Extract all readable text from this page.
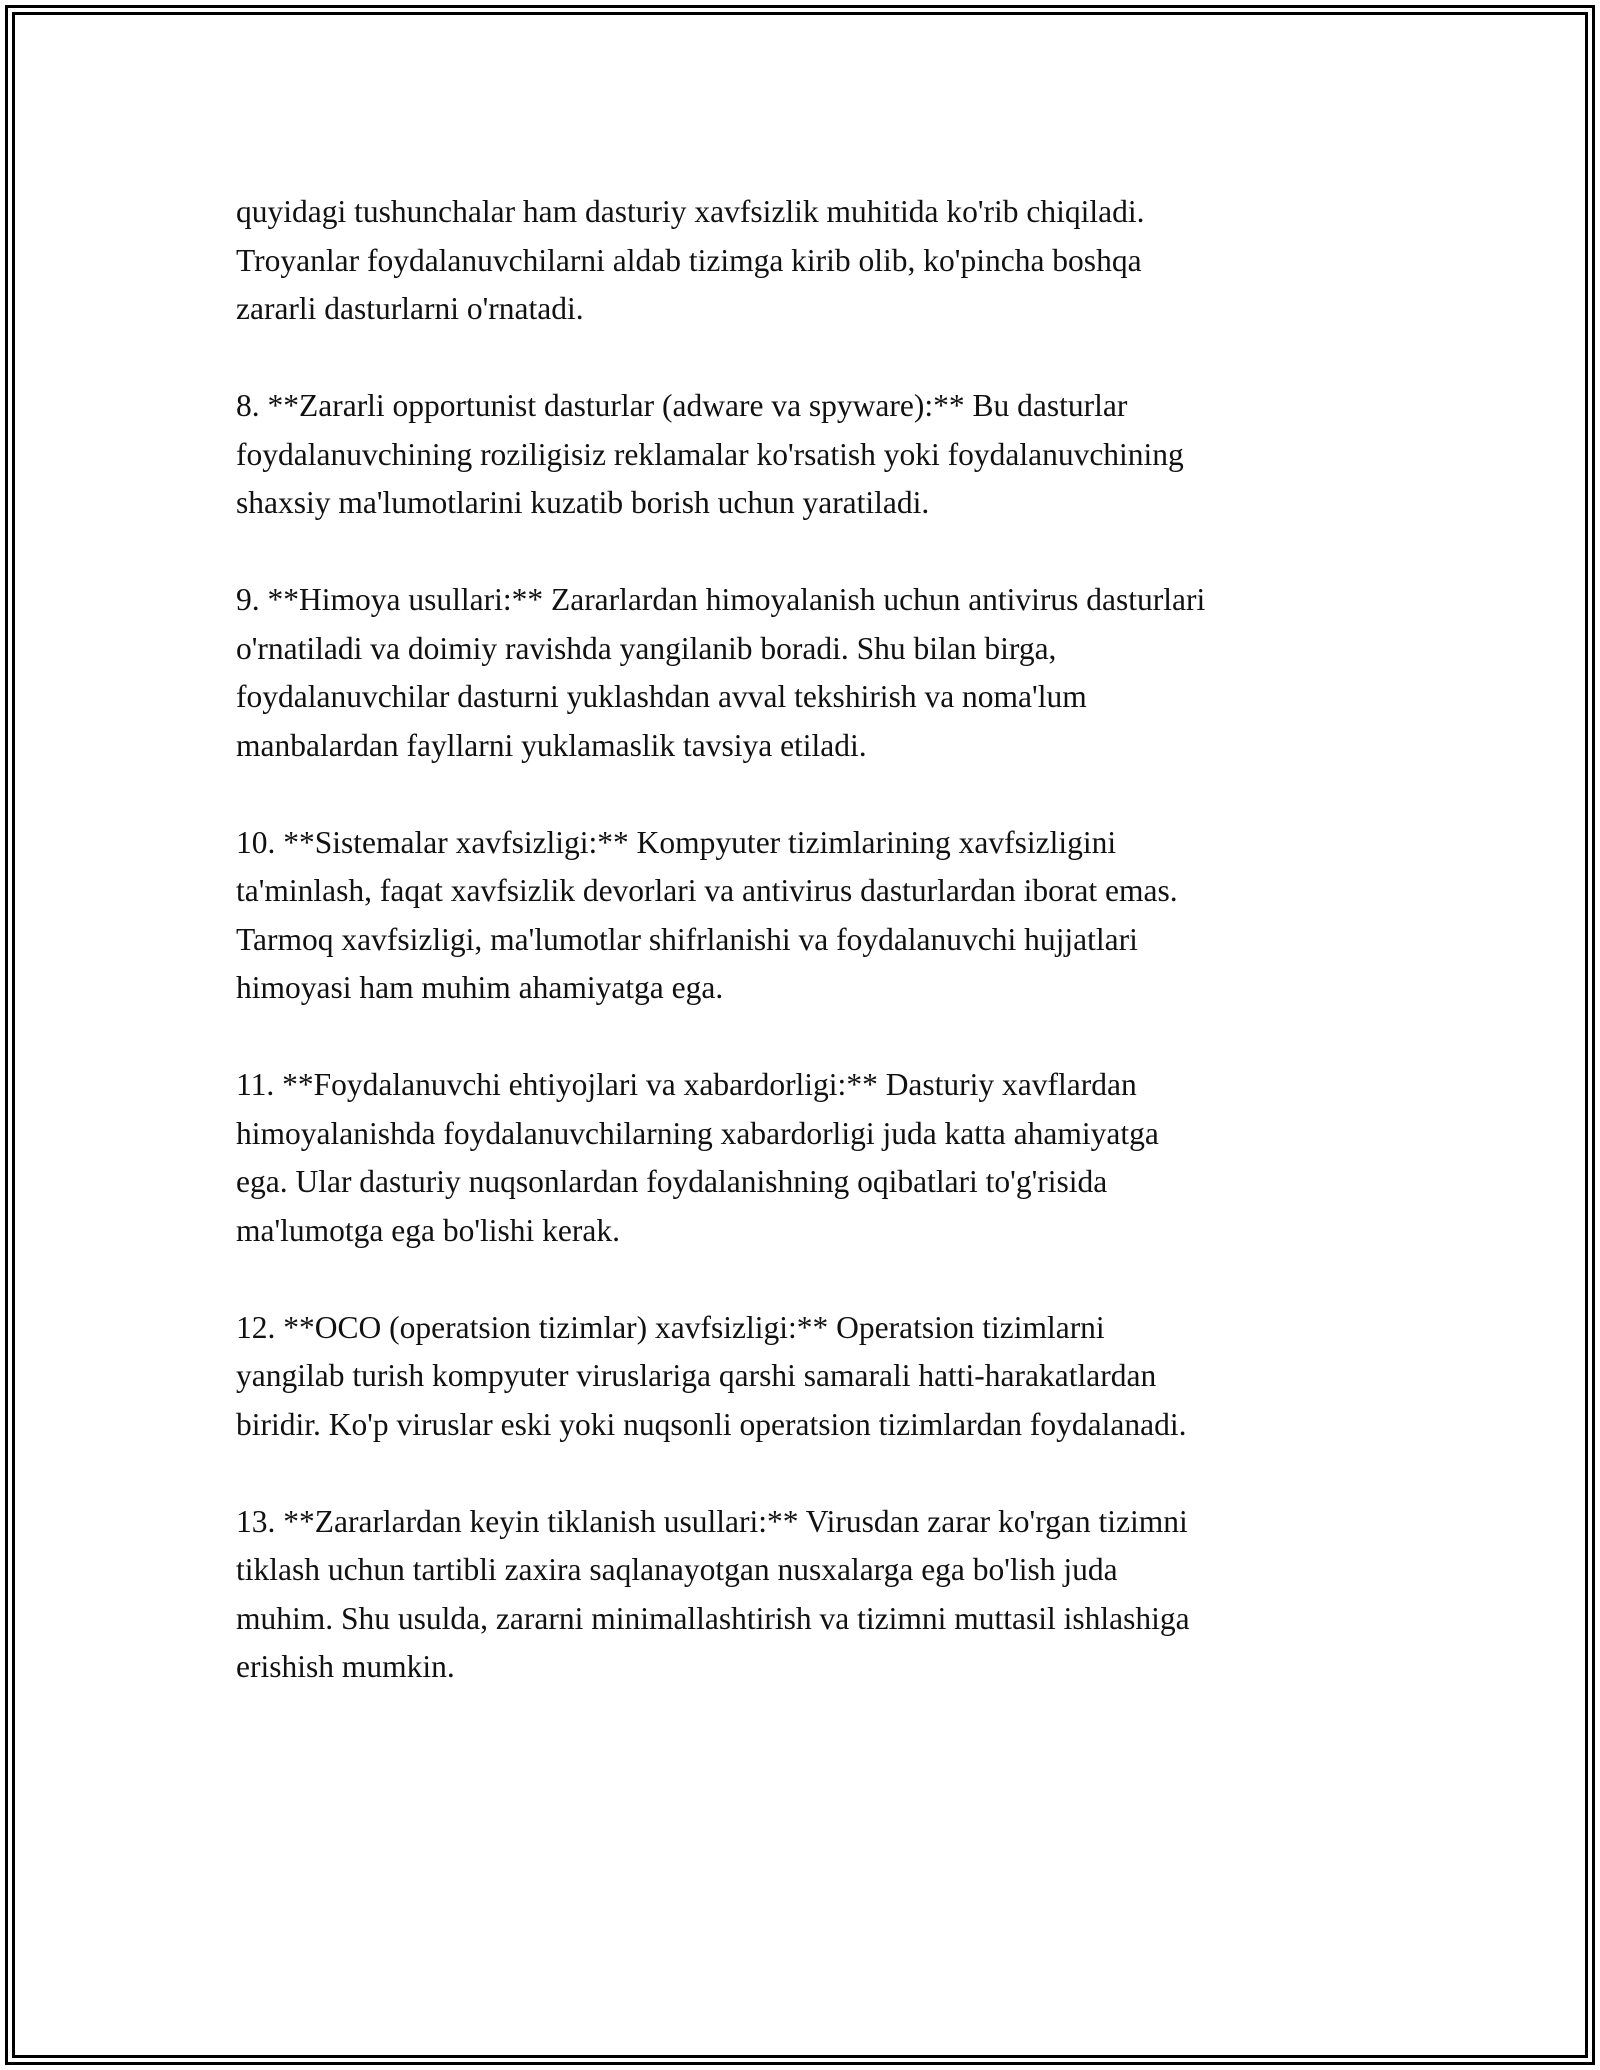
quyidagi tushunchalar ham dasturiy xavfsizlik muhitida ko'rib chiqiladi.
Troyanlar foydalanuvchilarni aldab tizimga kirib olib, ko'pincha boshqa
zararli dasturlarni o'rnatadi.

8. **Zararli opportunist dasturlar (adware va spyware):** Bu dasturlar
foydalanuvchining roziligisiz reklamalar ko'rsatish yoki foydalanuvchining
shaxsiy ma'lumotlarini kuzatib borish uchun yaratiladi.

9. **Himoya usullari:** Zararlardan himoyalanish uchun antivirus dasturlari
o'rnatiladi va doimiy ravishda yangilanib boradi. Shu bilan birga,
foydalanuvchilar dasturni yuklashdan avval tekshirish va noma'lum
manbalardan fayllarni yuklamaslik tavsiya etiladi.

10. **Sistemalar xavfsizligi:** Kompyuter tizimlarining xavfsizligini
ta'minlash, faqat xavfsizlik devorlari va antivirus dasturlardan iborat emas.
Tarmoq xavfsizligi, ma'lumotlar shifrlanishi va foydalanuvchi hujjatlari
himoyasi ham muhim ahamiyatga ega.

11. **Foydalanuvchi ehtiyojlari va xabardorligi:** Dasturiy xavflardan
himoyalanishda foydalanuvchilarning xabardorligi juda katta ahamiyatga
ega. Ular dasturiy nuqsonlardan foydalanishning oqibatlari to'g'risida
ma'lumotga ega bo'lishi kerak.

12. **OCO (operatsion tizimlar) xavfsizligi:** Operatsion tizimlarni
yangilab turish kompyuter viruslariga qarshi samarali hatti-harakatlardan
biridir. Ko'p viruslar eski yoki nuqsonli operatsion tizimlardan foydalanadi.

13. **Zararlardan keyin tiklanish usullari:** Virusdan zarar ko'rgan tizimni
tiklash uchun tartibli zaxira saqlanayotgan nusxalarga ega bo'lish juda
muhim. Shu usulda, zararni minimallashtirish va tizimni muttasil ishlashiga
erishish mumkin.
